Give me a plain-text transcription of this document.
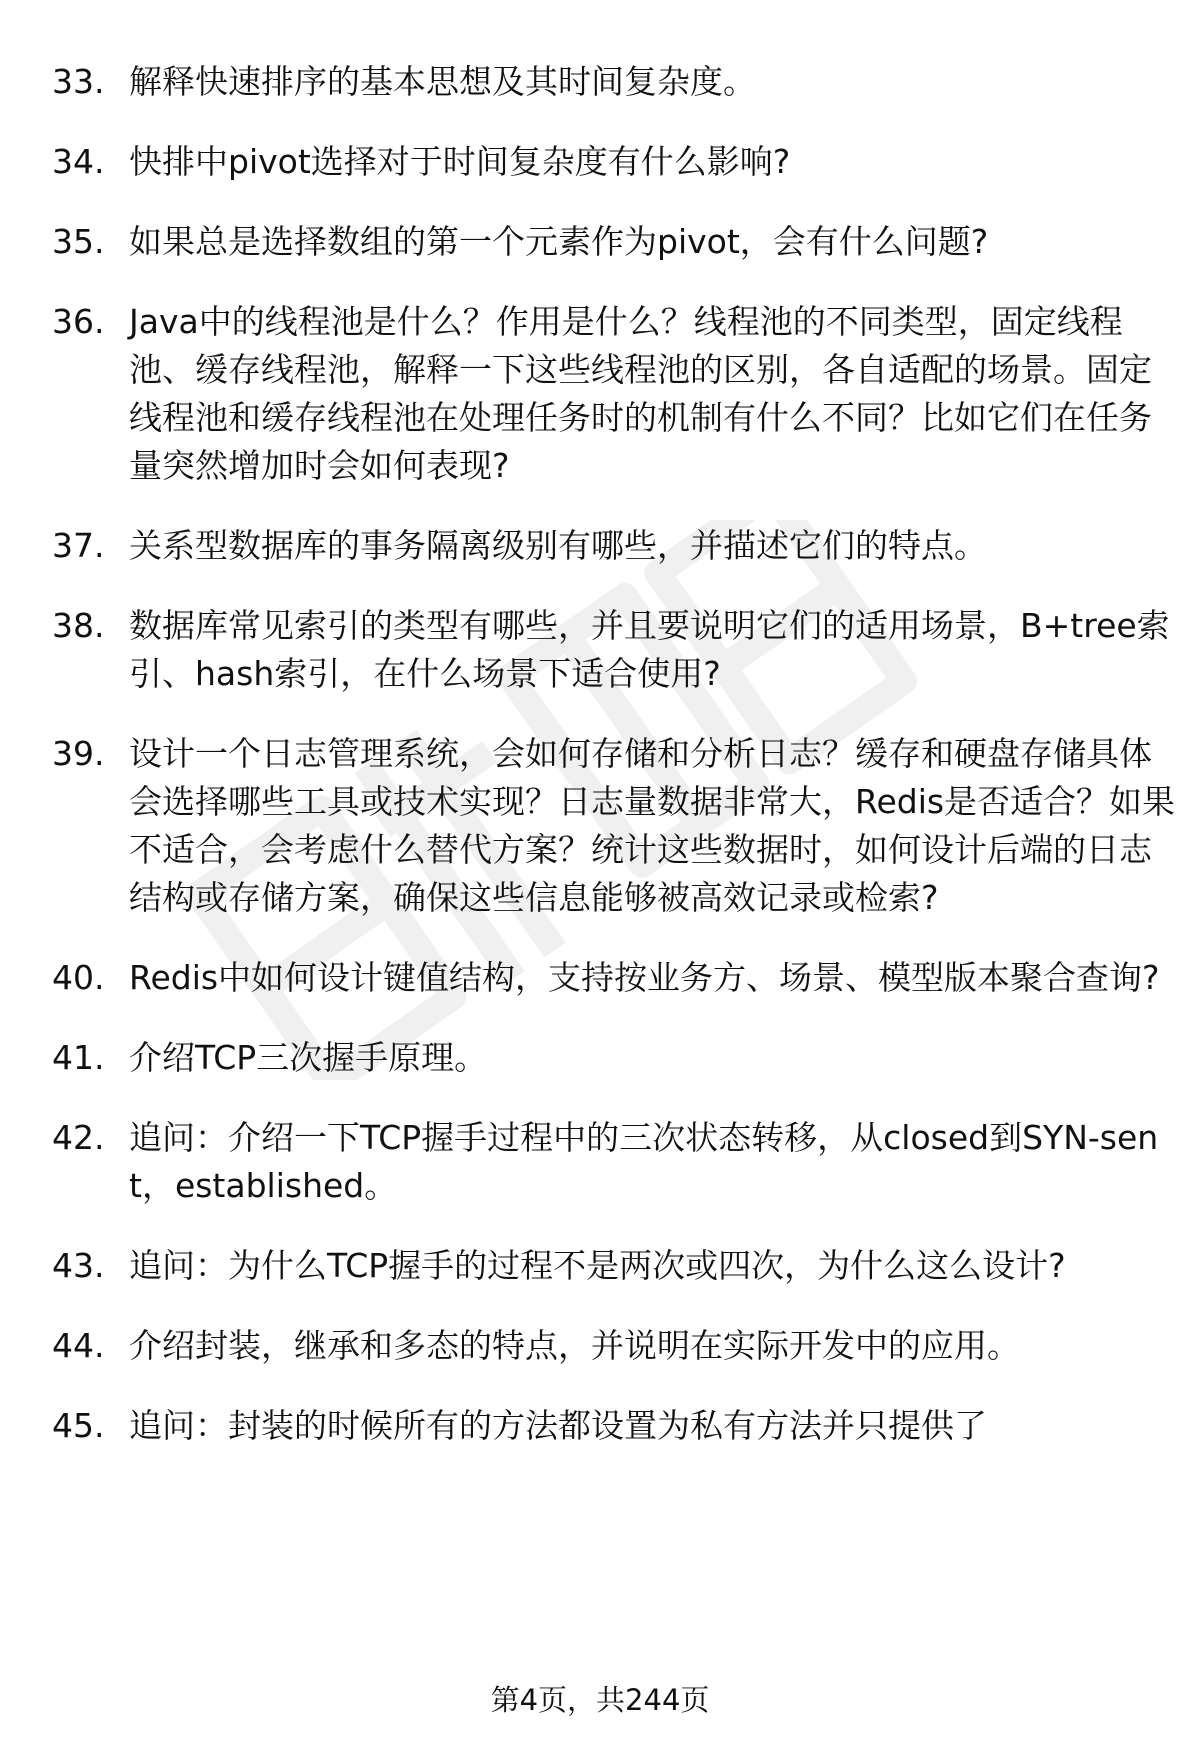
33. 解释快速排序的基本思想及其时间复杂度。
34. 快排中pivot选择对于时间复杂度有什么影响?
35. 如果总是选择数组的第一个元素作为pivot，会有什么问题?
36. Java中的线程池是什么？作用是什么？线程池的不同类型，固定线程池、缓存线程池，解释一下这些线程池的区别，各自适配的场景。固定线程池和缓存线程池在处理任务时的机制有什么不同？比如它们在任务量突然增加时会如何表现?
37. 关系型数据库的事务隔离级别有哪些，并描述它们的特点。
38. 数据库常见索引的类型有哪些，并且要说明它们的适用场景，B+tree索引、hash索引，在什么场景下适合使用?
39. 设计一个日志管理系统，会如何存储和分析日志？缓存和硬盘存储具体会选择哪些工具或技术实现？日志量数据非常大，Redis是否适合？如果不适合，会考虑什么替代方案？统计这些数据时，如何设计后端的日志结构或存储方案，确保这些信息能够被高效记录或检索?
40. Redis中如何设计键值结构，支持按业务方、场景、模型版本聚合查询?
41. 介绍TCP三次握手原理。
42. 追问：介绍一下TCP握手过程中的三次状态转移，从closed到SYN-sent，established。
43. 追问：为什么TCP握手的过程不是两次或四次，为什么这么设计?
44. 介绍封装，继承和多态的特点，并说明在实际开发中的应用。
45. 追问：封装的时候所有的方法都设置为私有方法并只提供了
第4页，共244页
